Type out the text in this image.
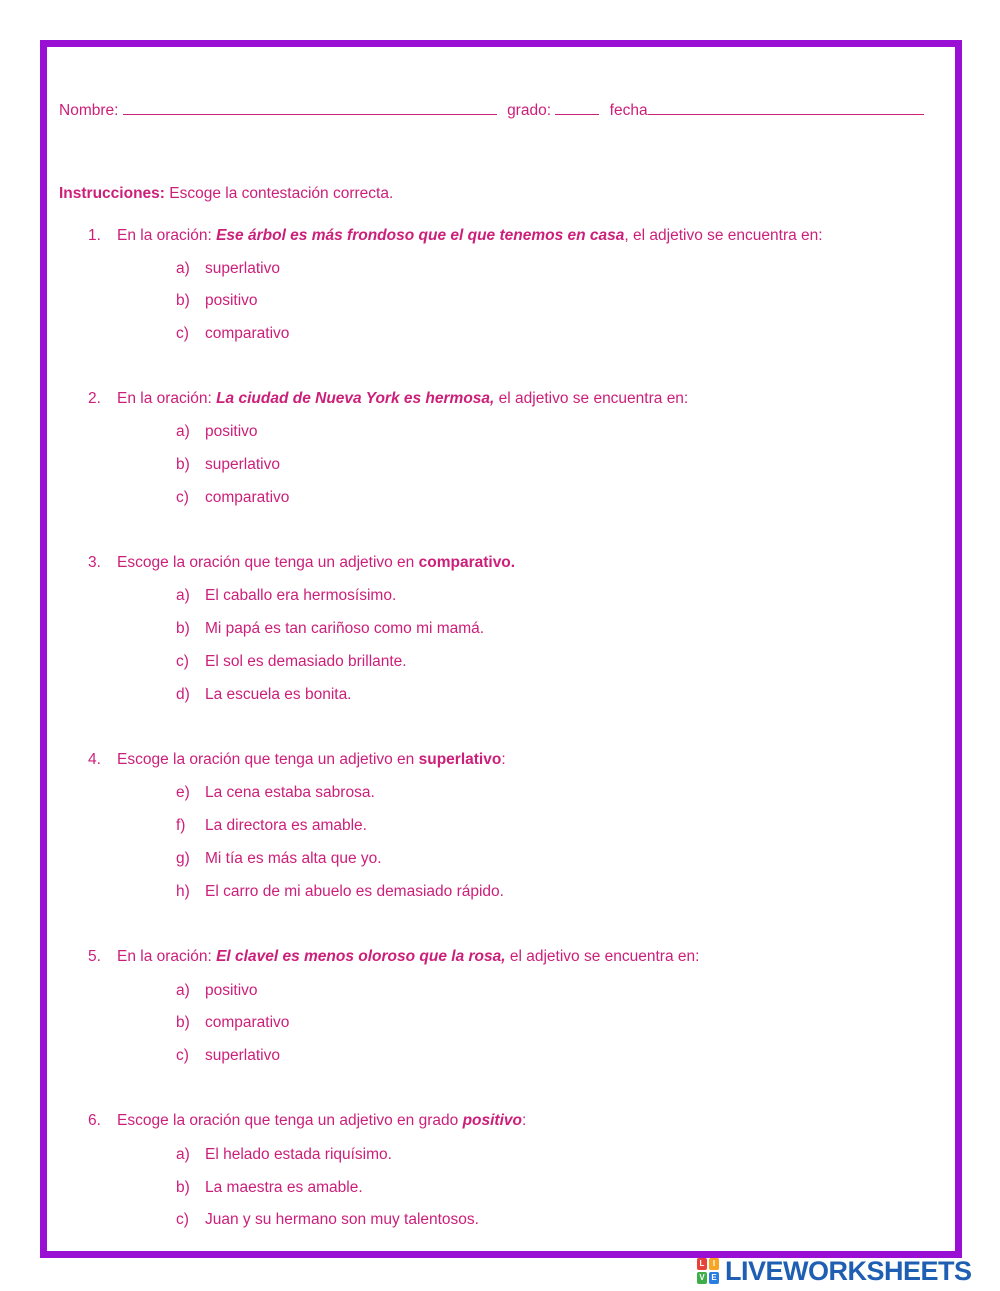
Nombre:	grado:	fecha
Instrucciones: Escoge la contestación correcta.
1. En la oración: Ese árbol es más frondoso que el que tenemos en casa, el adjetivo se encuentra en:
a) superlativo
b) positivo
c) comparativo
2. En la oración: La ciudad de Nueva York es hermosa, el adjetivo se encuentra en:
a) positivo
b) superlativo
c) comparativo
3. Escoge la oración que tenga un adjetivo en comparativo.
a) El caballo era hermosísimo.
b) Mi papá es tan cariñoso como mi mamá.
c) El sol es demasiado brillante.
d) La escuela es bonita.
4. Escoge la oración que tenga un adjetivo en superlativo:
e) La cena estaba sabrosa.
f) La directora es amable.
g) Mi tía es más alta que yo.
h) El carro de mi abuelo es demasiado rápido.
5. En la oración: El clavel es menos oloroso que la rosa, el adjetivo se encuentra en:
a) positivo
b) comparativo
c) superlativo
6. Escoge la oración que tenga un adjetivo en grado positivo:
a) El helado estada riquísimo.
b) La maestra es amable.
c) Juan y su hermano son muy talentosos.
L	I
V E LIVEWORKSHEETS
